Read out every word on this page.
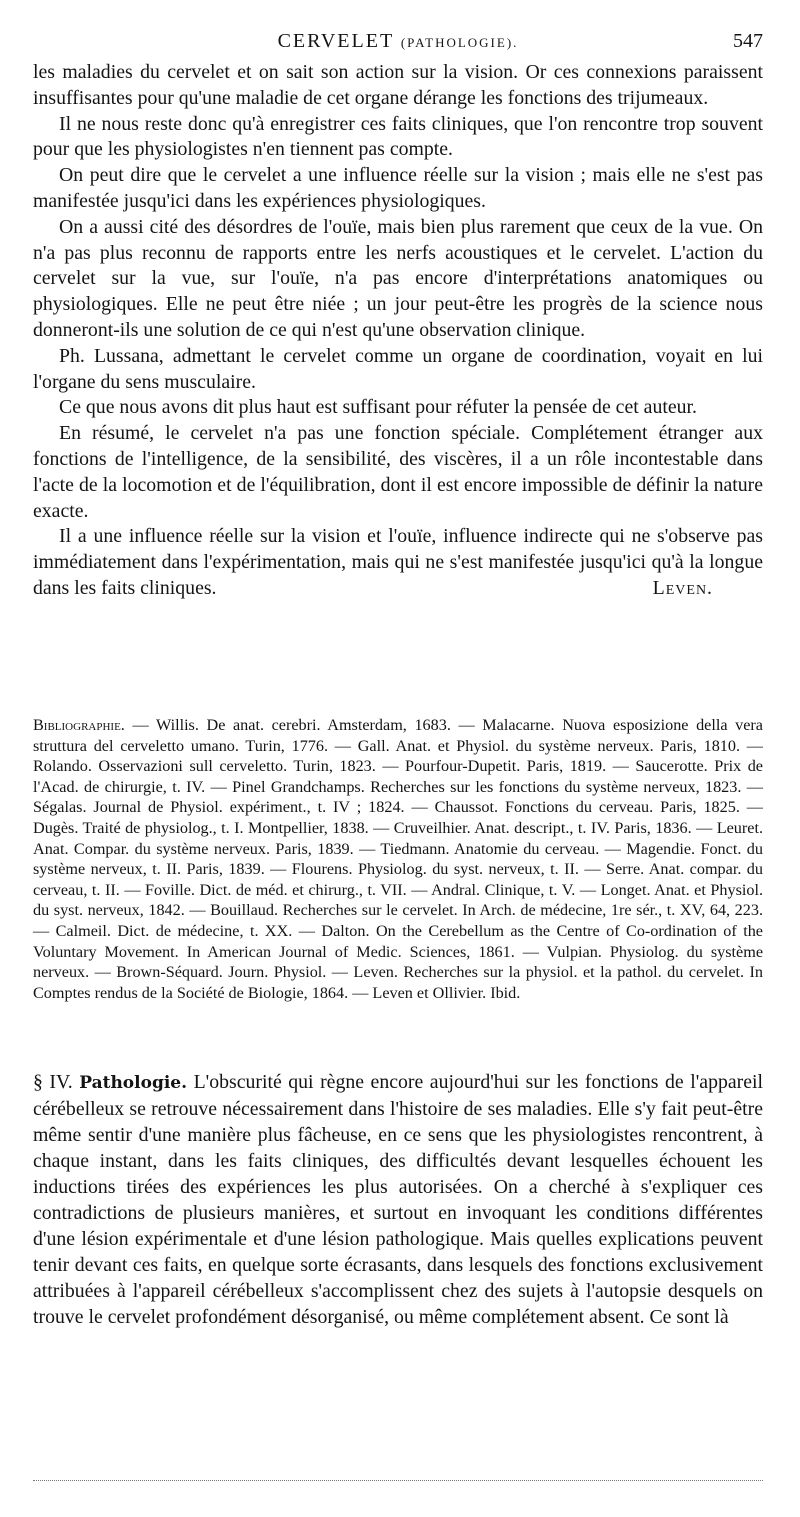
CERVELET (PATHOLOGIE).	547

les maladies du cervelet et on sait son action sur la vision. Or ces connexions paraissent insuffisantes pour qu'une maladie de cet organe dérange les fonctions des trijumeaux.

Il ne nous reste donc qu'à enregistrer ces faits cliniques, que l'on rencontre trop souvent pour que les physiologistes n'en tiennent pas compte.

On peut dire que le cervelet a une influence réelle sur la vision ; mais elle ne s'est pas manifestée jusqu'ici dans les expériences physiologiques.

On a aussi cité des désordres de l'ouïe, mais bien plus rarement que ceux de la vue. On n'a pas plus reconnu de rapports entre les nerfs acoustiques et le cervelet. L'action du cervelet sur la vue, sur l'ouïe, n'a pas encore d'interprétations anatomiques ou physiologiques. Elle ne peut être niée ; un jour peut-être les progrès de la science nous donneront-ils une solution de ce qui n'est qu'une observation clinique.

Ph. Lussana, admettant le cervelet comme un organe de coordination, voyait en lui l'organe du sens musculaire.

Ce que nous avons dit plus haut est suffisant pour réfuter la pensée de cet auteur.

En résumé, le cervelet n'a pas une fonction spéciale. Complétement étranger aux fonctions de l'intelligence, de la sensibilité, des viscères, il a un rôle incontestable dans l'acte de la locomotion et de l'équilibration, dont il est encore impossible de définir la nature exacte.

Il a une influence réelle sur la vision et l'ouïe, influence indirecte qui ne s'observe pas immédiatement dans l'expérimentation, mais qui ne s'est manifestée jusqu'ici qu'à la longue dans les faits cliniques.	Leven.

Bibliographie. — Willis. De anat. cerebri. Amsterdam, 1683. — Malacarne. Nuova esposizione della vera struttura del cerveletto umano. Turin, 1776. — Gall. Anat. et Physiol. du système nerveux. Paris, 1810. — Rolando. Osservazioni sull cerveletto. Turin, 1823. — Pourfour-Dupetit. Paris, 1819. — Saucerotte. Prix de l'Acad. de chirurgie, t. IV. — Pinel Grandchamps. Recherches sur les fonctions du système nerveux, 1823. — Ségalas. Journal de Physiol. expériment., t. IV ; 1824. — Chaussot. Fonctions du cerveau. Paris, 1825. — Dugès. Traité de physiolog., t. I. Montpellier, 1838. — Cruveilhier. Anat. descript., t. IV. Paris, 1836. — Leuret. Anat. Compar. du système nerveux. Paris, 1839. — Tiedmann. Anatomie du cerveau. — Magendie. Fonct. du système nerveux, t. II. Paris, 1839. — Flourens. Physiolog. du syst. nerveux, t. II. — Serre. Anat. compar. du cerveau, t. II. — Foville. Dict. de méd. et chirurg., t. VII. — Andral. Clinique, t. V. — Longet. Anat. et Physiol. du syst. nerveux, 1842. — Bouillaud. Recherches sur le cervelet. In Arch. de médecine, 1re sér., t. XV, 64, 223. — Calmeil. Dict. de médecine, t. XX. — Dalton. On the Cerebellum as the Centre of Co-ordination of the Voluntary Movement. In American Journal of Medic. Sciences, 1861. — Vulpian. Physiolog. du système nerveux. — Brown-Séquard. Journ. Physiol. — Leven. Recherches sur la physiol. et la pathol. du cervelet. In Comptes rendus de la Société de Biologie, 1864. — Leven et Ollivier. Ibid.

§ IV. Pathologie. L'obscurité qui règne encore aujourd'hui sur les fonctions de l'appareil cérébelleux se retrouve nécessairement dans l'histoire de ses maladies. Elle s'y fait peut-être même sentir d'une manière plus fâcheuse, en ce sens que les physiologistes rencontrent, à chaque instant, dans les faits cliniques, des difficultés devant lesquelles échouent les inductions tirées des expériences les plus autorisées. On a cherché à s'expliquer ces contradictions de plusieurs manières, et surtout en invoquant les conditions différentes d'une lésion expérimentale et d'une lésion pathologique. Mais quelles explications peuvent tenir devant ces faits, en quelque sorte écrasants, dans lesquels des fonctions exclusivement attribuées à l'appareil cérébelleux s'accomplissent chez des sujets à l'autopsie desquels on trouve le cervelet profondément désorganisé, ou même complétement absent. Ce sont là
